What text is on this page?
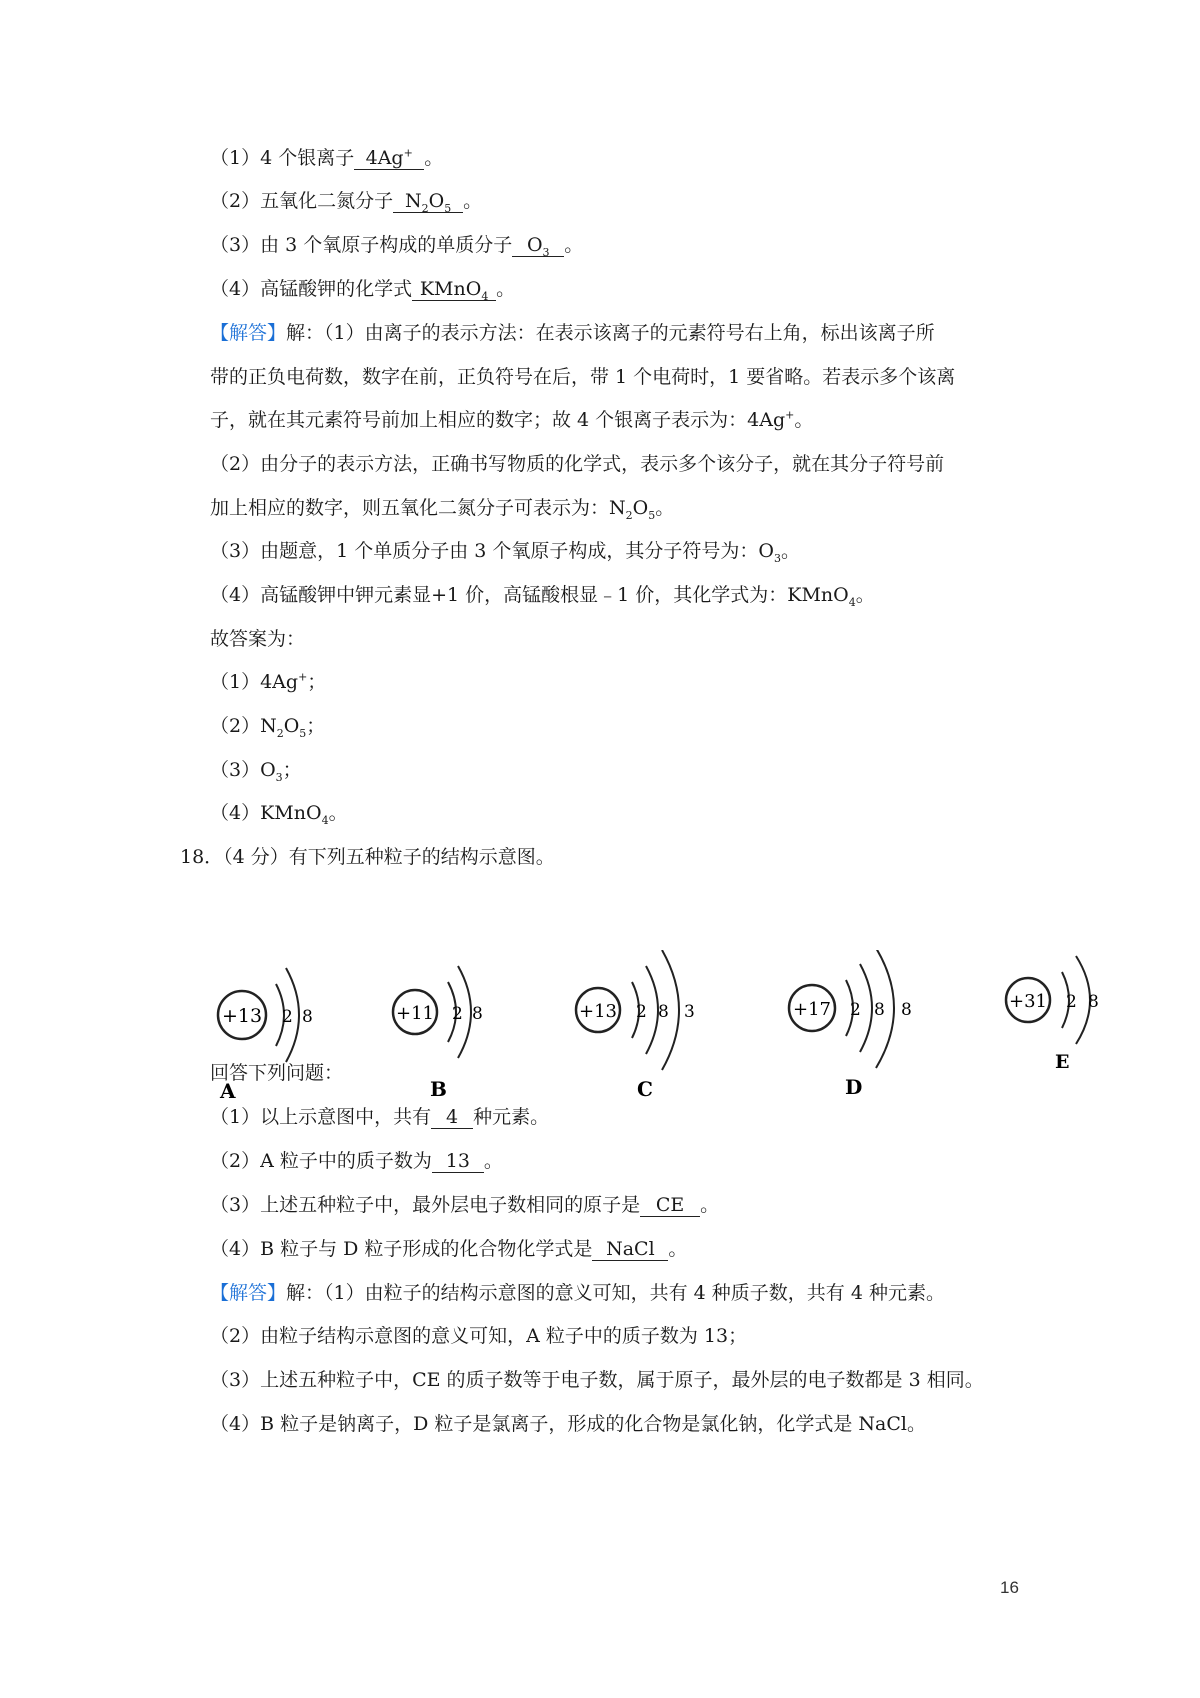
（1）4 个银离子 4Ag+ 。
（2）五氧化二氮分子 $N_2O_5$ 。
（3）由 3 个氧原子构成的单质分子 $O_3$ 。
（4）高锰酸钾的化学式 KMnO$_4$ 。
【解答】解：（1）由离子的表示方法：在表示该离子的元素符号右上角，标出该离子所
带的正负电荷数，数字在前，正负符号在后，带 1 个电荷时，1 要省略。若表示多个该离
子，就在其元素符号前加上相应的数字；故 4 个银离子表示为：4Ag+。
（2）由分子的表示方法，正确书写物质的化学式，表示多个该分子，就在其分子符号前
加上相应的数字，则五氧化二氮分子可表示为：$N_2O_5$。
（3）由题意，1 个单质分子由 3 个氧原子构成，其分子符号为：$O_3$。
（4）高锰酸钾中钾元素显+1 价，高锰酸根显﹣1 价，其化学式为：KMnO$_4$。
故答案为：
（1）4Ag+；
$(2)N_2O_5$；
$(3)O_3$；
（4）KMnO$_4$。
18．（4 分）有下列五种粒子的结构示意图。
+13 2 8
A
+11 2 8
B
+13 2 8 3
C
+17 2 8 8
D
+31 2 8
E
回答下列问题：
（1）以上示意图中，共有 4 种元素。
（2）A 粒子中的质子数为 13 。
（3）上述五种粒子中，最外层电子数相同的原子是 CE 。
（4）B 粒子与 D 粒子形成的化合物化学式是 NaCl 。
【解答】解：（1）由粒子的结构示意图的意义可知，共有 4 种质子数，共有 4 种元素。
（2）由粒子结构示意图的意义可知，A 粒子中的质子数为 13；
（3）上述五种粒子中，CE 的质子数等于电子数，属于原子，最外层的电子数都是 3 相同。
（4）B 粒子是钠离子，D 粒子是氯离子，形成的化合物是氯化钠，化学式是 NaCl。
16
